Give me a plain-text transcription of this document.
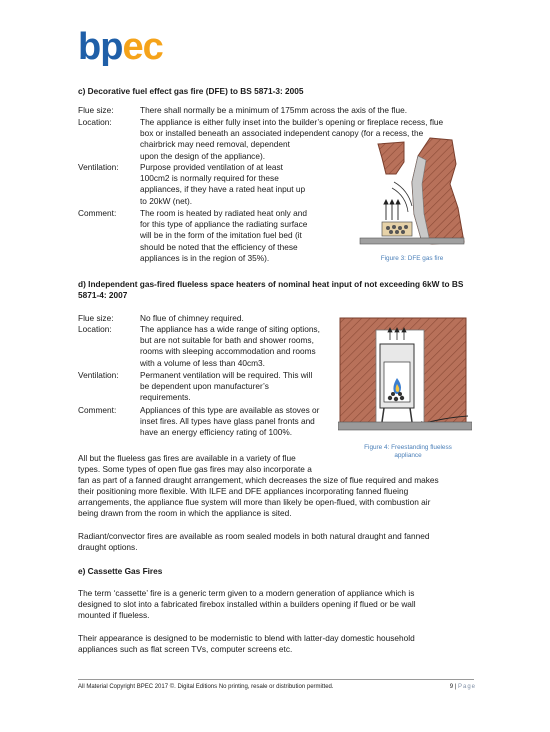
bpec
c) Decorative fuel effect gas fire (DFE) to BS 5871-3: 2005
Flue size:	There shall normally be a minimum of 175mm across the axis of the flue.
Location:	The appliance is either fully inset into the builder’s opening or fireplace recess, flue
box or installed beneath an associated independent canopy (for a recess, the
chairbrick may need removal, dependent
upon the design of the appliance).
Ventilation:	Purpose provided ventilation of at least
100cm2 is normally required for these
appliances, if they have a rated heat input up
to 20kW (net).
Comment:	The room is heated by radiated heat only and
for this type of appliance the radiating surface
will be in the form of the imitation fuel bed (it
should be noted that the efficiency of these
appliances is in the region of 35%).	Figure 3: DFE gas fire
d) Independent gas-fired flueless space heaters of nominal heat input of not exceeding 6kW to BS
5871-4: 2007
Flue size:	No flue of chimney required.
Location:	The appliance has a wide range of siting options,
but are not suitable for bath and shower rooms,
rooms with sleeping accommodation and rooms
with a volume of less than 40cm3.
Ventilation:	Permanent ventilation will be required. This will
be dependent upon manufacturer’s
requirements.
Comment:	Appliances of this type are available as stoves or
inset fires. All types have glass panel fronts and
have an energy efficiency rating of 100%.
Figure 4: Freestanding flueless
appliance
All but the flueless gas fires are available in a variety of flue
types. Some types of open flue gas fires may also incorporate a
fan as part of a fanned draught arrangement, which decreases the size of flue required and makes
their positioning more flexible. With ILFE and DFE appliances incorporating fanned flueing
arrangements, the appliance flue system will more than likely be open-flued, with combustion air
being drawn from the room in which the appliance is sited.
Radiant/convector fires are available as room sealed models in both natural draught and fanned
draught options.
e) Cassette Gas Fires
The term ‘cassette’ fire is a generic term given to a modern generation of appliance which is
designed to slot into a fabricated firebox installed within a builders opening if flued or be wall
mounted if flueless.
Their appearance is designed to be modernistic to blend with latter-day domestic household
appliances such as flat screen TVs, computer screens etc.
All Material Copyright BPEC 2017 ©. Digital Editions No printing, resale or distribution permitted.	9 | Page
